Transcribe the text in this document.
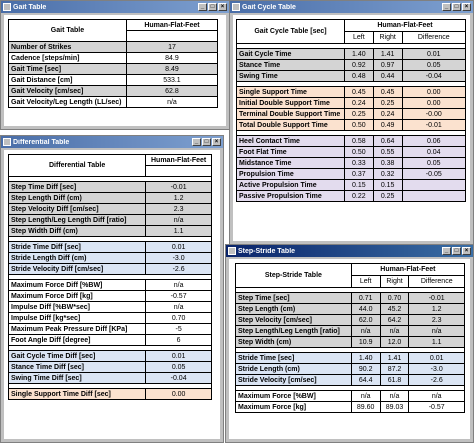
Gait Table	_	□	×
Gait Table	Human-Flat-Feet

Number of Strikes	17
Cadence [steps/min]	84.9
Gait Time [sec]	8.49
Gait Distance [cm]	533.1
Gait Velocity [cm/sec]	62.8
Gait Velocity/Leg Length (LL/sec)	n/a
Gait Cycle Table	_	□	×
Gait Cycle Table [sec]	Human-Flat-Feet		
	Left	Right	Difference

Gait Cycle Time	1.40	1.41	0.01
Stance Time	0.92	0.97	0.05
Swing Time	0.48	0.44	-0.04

Single Support Time	0.45	0.45	0.00
Initial Double Support Time	0.24	0.25	0.00
Terminal Double Support Time	0.25	0.24	-0.00
Total Double Support Time	0.50	0.49	-0.01

Heel Contact Time	0.58	0.64	0.06
Foot Flat Time	0.50	0.55	0.04
Midstance Time	0.33	0.38	0.05
Propulsion Time	0.37	0.32	-0.05
Active Propulsion Time	0.15	0.15	
Passive Propulsion Time	0.22	0.25	
Differential Table	_	□	×
Differential Table	Human-Flat-Feet

Step Time Diff [sec]	-0.01
Step Length Diff (cm)	1.2
Step Velocity Diff [cm/sec]	2.3
Step Length/Leg Length Diff [ratio]	n/a
Step Width Diff (cm)	1.1

Stride Time Diff [sec]	0.01
Stride Length Diff (cm)	-3.0
Stride Velocity Diff [cm/sec]	-2.6

Maximum Force Diff [%BW]	n/a
Maximum Force Diff [kg]	-0.57
Impulse Diff [%BW*sec]	n/a
Impulse Diff [kg*sec]	0.70
Maximum Peak Pressure Diff [KPa]	-5
Foot Angle Diff [degree]	6

Gait Cycle Time Diff [sec]	0.01
Stance Time Diff [sec]	0.05
Swing Time Diff [sec]	-0.04

Single Support Time Diff [sec]	0.00
Step-Stride Table	_	□	×
Step-Stride Table	Human-Flat-Feet		
	Left	Right	Difference

Step Time [sec]	0.71	0.70	-0.01
Step Length (cm)	44.0	45.2	1.2
Step Velocity [cm/sec]	62.0	64.2	2.3
Step Length/Leg Length [ratio]	n/a	n/a	n/a
Step Width (cm)	10.9	12.0	1.1

Stride Time [sec]	1.40	1.41	0.01
Stride Length (cm)	90.2	87.2	-3.0
Stride Velocity [cm/sec]	64.4	61.8	-2.6

Maximum Force [%BW]	n/a	n/a	n/a
Maximum Force [kg]	89.60	89.03	-0.57
